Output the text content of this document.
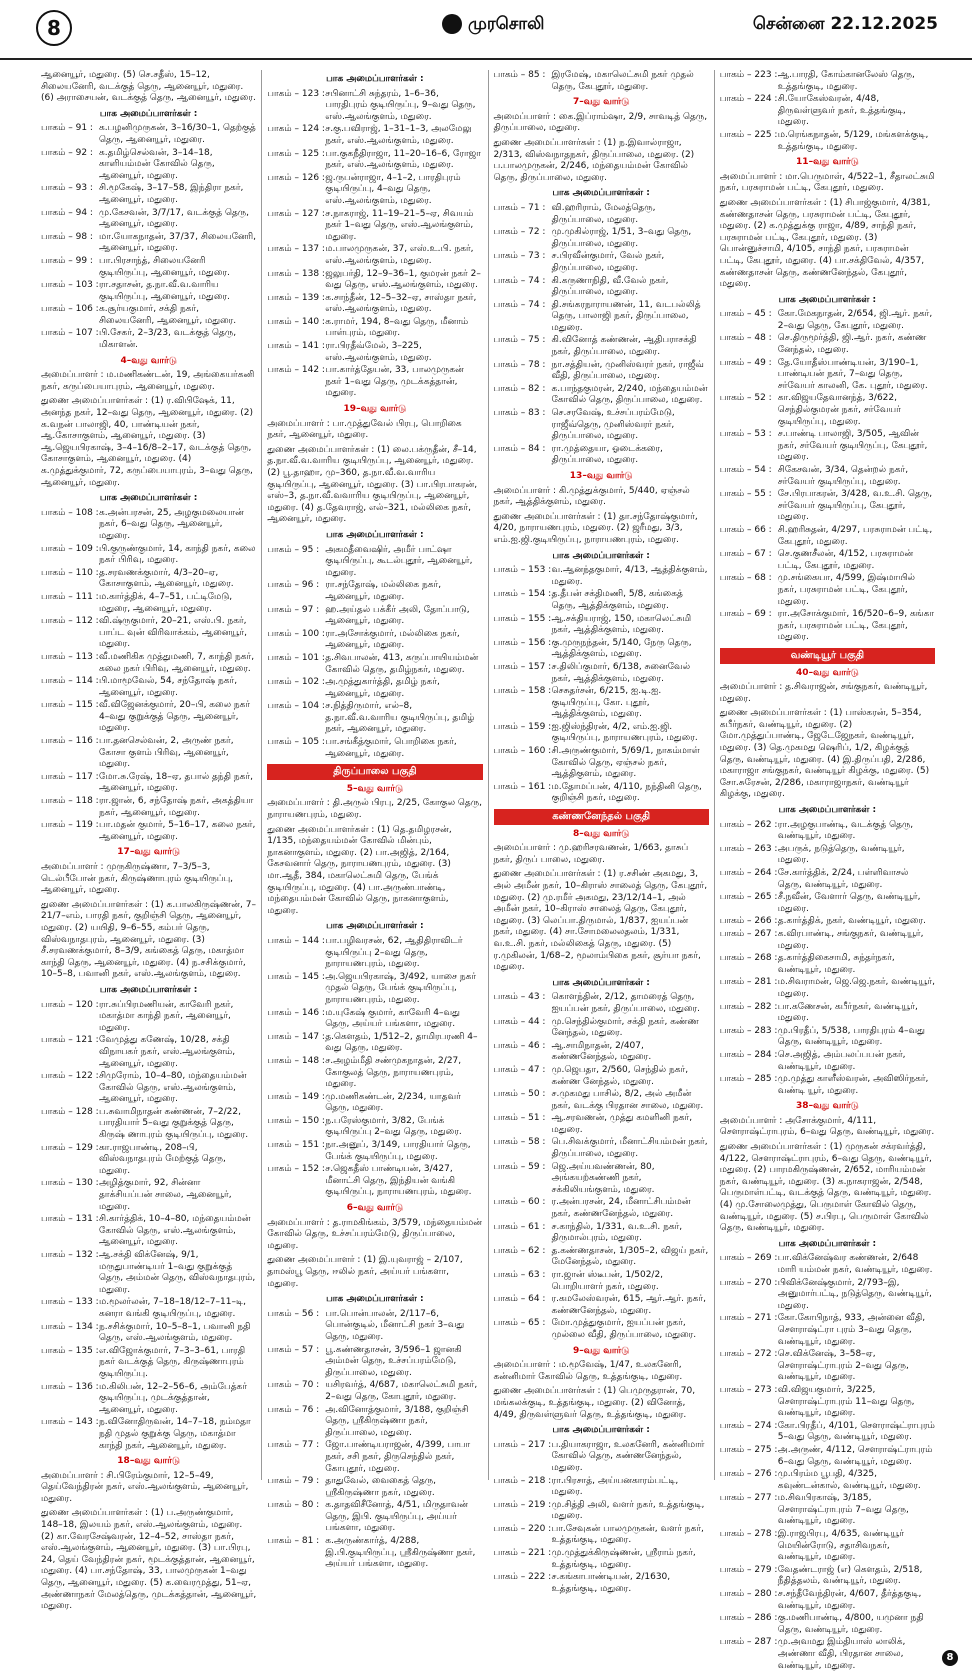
8	முரசொலி	சென்னை 22.12.2025
ஆனையூர், மதுரை. (5) செ.சதீஸ், 15–12, சிலையனேரி, வடக்குத் தெரு, ஆனையூர், மதுரை. (6) அராசையன், வடக்குத் தெரு, ஆனையூர், மதுரை.
பாக அமைப்பாளர்கள் :
பாகம் – 91 : க.பழனிமுருகன், 3–16/30–1, தெற்குத் தெரு, ஆனையூர், மதுரை.
பாகம் – 92 : க.தமிழ்செல்வன், 3–14–18, காளியம்மன் கோவில் தெரு, ஆனையூர், மதுரை.
பாகம் – 93 : சி.மூகேஷ், 3–17–58, இந்திரா நகர், ஆனையூர், மதுரை.
பாகம் – 94 : மு.கேசவன், 3/7/17, வடக்குத் தெரு, ஆனையூர், மதுரை.
பாகம் – 98 : மா.யோகநாதன், 37/37, சிலையனேரி, ஆனையூர், மதுரை.
பாகம் – 99 : பா.பிரசாந்த், சிலையனேரி குடியிருப்பு, ஆனையூர், மதுரை.
பாகம் – 103 : ரா.சதாசன், த.நா.வீ.வ.வாரிய குடியிருப்பு, ஆனையூர், மதுரை.
பாகம் – 106 : க.சூர்யகுமார், சக்தி நகர், சிலையனேரி, ஆனையூர், மதுரை.
பாகம் – 107 : பி.சேகர், 2–3/23, வடக்குத் தெரு, மிகாளன்.
4–வது வார்டு
அமைப்பாளர் : ம.மணிகண்டன், 19, அங்கையர்கனி நகர், கருப்பையாபுரம், ஆனையூர், மதுரை.
துணை அமைப்பாளர்கள் : (1) ர.விபிஷேக், 11, அனந்த நகர், 12–வது தெரு, ஆனையூர், மதுரை. (2) க.வநன் பாலாஜி, 40, பாண்டியன் நகர், ஆ.கோசாகுளம், ஆனையூர், மதுரை. (3) ஆ.ஜெயபிரகாஷ், 3–4–16/8–2–17, வடக்குத் தெரு, கோசாகுளம், ஆனையூர், மதுரை. (4) க.முத்துக்குமார், 72, கருப்பையாபுரம், 3–வது தெரு, ஆனையூர், மதுரை.
பாக அமைப்பாளர்கள் :
பாகம் – 108 : க.அன்பரசன், 25, அழகுமலையான் நகர், 6–வது தெரு, ஆனையூர், மதுரை.
பாகம் – 109 : பி.குருண்குமார், 14, காந்தி நகர், கலை நகர் பிரிவு, மதுரை.
பாகம் – 110 : த.சரவணக்குமார், 4/3–20–ஏ, கோசாகுளம், ஆனையூர், மதுரை.
பாகம் – 111 : ம.கார்த்திக், 4–7–51, பட்டிமேடு, மதுரை, ஆனையூர், மதுரை.
பாகம் – 112 : வி.ஷ்ருகுமார், 20–21, எஸ்.பி. நகர், பாப்ட வுன் விரிவாக்கம், ஆனையூர், மதுரை.
பாகம் – 113 : வீ.மணிகிக முத்துமணி, 7, காந்தி நகர், கலை நகர் பிரிவு, ஆனையூர், மதுரை.
பாகம் – 114 : பி.மாமூவேல், 54, சந்தோஷ் நகர், ஆனையூர், மதுரை.
பாகம் – 115 : வீ.விஜேனக்குமார், 20–பி, கலை நகர் 4–வது குறுக்குத் தெரு, ஆனையூர், மதுரை.
பாகம் – 116 : பா.தனசெல்வன், 2, அருண் நகர், கோசா குளம் பிரிவு, ஆனையூர், மதுரை.
பாகம் – 117 : மோ.சு.ரேஷ், 18–ஏ, தபால் தந்தி நகர், ஆனையூர், மதுரை.
பாகம் – 118 : ரா.ஜான், 6, சந்தோஷ் நகர், அகத்தியா நகர், ஆனையூர், மதுரை.
பாகம் – 119 : பா.மதன் குமார், 5–16–17, கலை நகர், ஆனையூர், மதுரை.
17–வது வார்டு
அமைப்பாளர் : முருகிருஷ்ணா, 7–3/5–3, டெல்பீபோன் நகர், கிருஷ்ணாபுரம் குடியிருப்பு, ஆனையூர், மதுரை.
துணை அமைப்பாளர்கள் : (1) க.பாலகிருஷ்ணன், 7–21/7–எம், பாரதி நகர், குறிஞ்சி தெரு, ஆனையூர், மதுரை. (2) யயிதி, 9–6–55, கம்பர் தெரு, விஸ்வநாதபுரம், ஆனையூர், மதுரை. (3) சீ.சரவணக்குமார், 8–3/9, கங்கைத் தெரு, மகாத்மா காந்தி தெரு, ஆனையூர், மதுரை. (4) ந.சசிக்குமார், 10–5–8, பவானி நகர், எஸ்.ஆலங்குளம், மதுரை.
பாக அமைப்பாளர்கள் :
பாகம் – 120 : ரா.சுப்பிரமணியன், காவேரி நகர், மகாத்மா காந்தி நகர், ஆனையூர், மதுரை.
பாகம் – 121 : வேமுத்து கணேஷ், 10/28, சக்தி விநாயகர் நகர், எஸ்.ஆலங்குளம், ஆனையூர், மதுரை.
பாகம் – 122 : சிமுரோம், 10–4–80, மந்தையம்மன் கோவில் தெரு, எஸ்.ஆலங்குளம், ஆனையூர், மதுரை.
பாகம் – 128 : ப.சுவாமிநாதன் கண்ணன், 7–2/22, பாரதியார் 5–வது குறுக்குத் தெரு, கிருஷ் ணாபுரம் குடியிருப்பு, மதுரை.
பாகம் – 129 : கா.ராஜபாண்டி, 208–பி, விஸ்வநாதபுரம் மேற்குத் தெரு, மதுரை.
பாகம் – 130 : அழித்குமார், 92, சின்னா தாக்சியப்பன் சாலை, ஆனையூர், மதுரை.
பாகம் – 131 : சி.கார்த்திக், 10–4–80, மந்தையம்மன் கோவில் தெரு, எஸ்.ஆலங்குளம், ஆனையூர், மதுரை.
பாகம் – 132 : ஆ.சக்தி விக்னேஷ், 9/1, மருதுபாண்டியர் 1–வது குறுக்குத் தெரு, அம்மன் தெரு, விஸ்வநாதபுரம், மதுரை.
பாகம் – 133 : ம.மூலர்லன், 7–18–18/12–7–11–டி, கனரா வங்கி குடியிருப்பு, மதுரை.
பாகம் – 134 : ந.சசிக்குமார், 10–5–8–1, பவானி நதி தெரு, எஸ்.ஆலங்குளம், மதுரை.
பாகம் – 135 : எ.விஜோக்குமார், 7–3–3–61, பாரதி நகர் வடக்குத் தெரு, கிருஷ்ணாபுரம் குடியிருப்பு.
பாகம் – 136 : ம.கிலிபன், 12–2–56–6, அம்பேத்கர் குடியிருப்பு, முடக்குத்தான், ஆனையூர், மதுரை.
பாகம் – 143 : ந.வினோதிருவன், 14–7–18, நம்மதா நதி முதல் குறுக்கு தெரு, மகாத்மா காந்தி நகர், ஆனையூர், மதுரை.
18–வது வார்டு
அமைப்பாளர் : சி.பிரேம்குமார், 12–5–49, தெய்வேந்திரன் நகர், எஸ்.ஆலங்குளம், ஆனையூர், மதுரை.
துணை அமைப்பாளர்கள் : (1) ப.அருண்குமார், 148–18, இலயம் நகர், எஸ்.ஆலங்குளம், மதுரை. (2) கா.வேரசேஷ்வரன், 12–4–52, சாஸ்தா நகர், எஸ்.ஆலங்குளம், ஆனையூர், மதுரை. (3) பா.பிரபு, 24, தெய் வேந்திரன் நகர், மூடக்குத்தான், ஆனையூர், மதுரை. (4) பா.சந்தோஷ், 33, பாலமுருகன் 1–வது தெரு, ஆனையூர், மதுரை. (5) க.வைரமுத்து, 51–ஏ, அண்ணாநகர் மேலத்தெரு, முடக்கத்தான், ஆனையூர், மதுரை.
பாக அமைப்பாளர்கள் :
பாகம் – 123 : சபினாட்சி சுந்தரம், 1–6–36, பாரதிபுரம் குடியிருப்பு, 9–வது தெரு, எஸ்.ஆலங்குளம், மதுரை.
பாகம் – 124 : ச.கு.பவிராஜ், 1–31–1–3, அலமேலு நகர், எஸ்.ஆலங்குளம், மதுரை.
பாகம் – 125 : பா.குகநீதிராஜா, 11–20–16–6, ரோஜா நகர், எஸ்.ஆலங்குளம், மதுரை.
பாகம் – 126 : ஜ.ருபன்ராஜா, 4–1–2, பாரதிபுரம் குடியிருப்பு, 4–வது தெரு, எஸ்.ஆலங்குளம், மதுரை.
பாகம் – 127 : ச.நாகராஜ், 11–19–21–5–ஏ, சிவயம் நகர் 1–வது தெரு, எஸ்.ஆலங்குளம், மதுரை.
பாகம் – 137 : ம.பாலமுருகன், 37, எஸ்.உ.பி. நகர், எஸ்.ஆலங்குளம், மதுரை.
பாகம் – 138 : ஜலுபர்தி, 12–9–36–1, குமரன் நகர் 2–வது தெரு, எஸ்.ஆலங்குளம், மதுரை.
பாகம் – 139 : க.சாந்தீன், 12–5–32–ஏ, சாஸ்தா நகர், எஸ்.ஆலங்குளம், மதுரை.
பாகம் – 140 : க.ராமர், 194, 8–வது தெரு, மீனாம் பாள்புரம், மதுரை.
பாகம் – 141 : ரா.பிரதீவ்மேல், 3–225, எஸ்.ஆலங்குளம், மதுரை.
பாகம் – 142 : பா.கார்த்தேயன், 33, பாலமுருகன் நகர் 1–வது தெரு, முடக்கத்தான், மதுரை.
19–வது வார்டு
அமைப்பாளர் : பா.முத்துவேல் பிரபு, பொறிகை நகர், ஆனையூர், மதுரை.
துணை அமைப்பாளர்கள் : (1) லை.பக்ருதீன், சீ–14, த.நா.வீ.வ.வாரிய குடியிருப்பு, ஆனையூர், மதுரை. (2) பூ.தாஹா, மு–360, த.நா.வீ.வ.வாரிய குடியிருப்பு, ஆனையூர், மதுரை. (3) பா.பிரபாகரன், எஸ்–3, த.நா.வீ.வவாரிய குடியிருப்பு, ஆனையூர், மதுரை. (4) த.தேவராஜ், எல்–321, மல்லிகை நகர், ஆனையூர், மதுரை.
பாக அமைப்பாளர்கள் :
பாகம் – 95 : அகமதீவைஷிர், அமீர் பாட்ஷா குடியிருப்பு, கூடல்புதூர், ஆனையூர், மதுரை.
பாகம் – 96 : ரா.சந்தோஷ், மல்லிகை நகர், ஆனையூர், மதுரை.
பாகம் – 97 : ஹ.அய்தல் பக்கீர் அலி, தோப்பாடு, ஆனையூர், மதுரை.
பாகம் – 100 : ரா.அசோக்குமார், மல்லிகை நகர், ஆனையூர், மதுரை.
பாகம் – 101 : த.சிவபாலன், 413, கருப்பாயியம்மன் கோவில் தெரு, தமிழ்நகர், மதுரை.
பாகம் – 102 : அ.முத்துகார்த்தி, தமிழ் நகர், ஆனையூர், மதுரை.
பாகம் – 104 : ச.நித்திருமார், எல்–8, த.நா.வீ.வ.வாரிய குடியிருப்பு, தமிழ் நகர், ஆனையூர், மதுரை.
பாகம் – 105 : பா.சங்கீத்குமார், பொறிகை நகர், ஆனையூர், மதுரை.
திருப்பாலை பகுதி
5–வது வார்டு
அமைப்பாளர் : தி.அருல் பிரபு, 2/25, கோகுல தெரு, நாராயணபுரம், மதுரை.
துணை அமைப்பாளர்கள் : (1) தெ.தமிழரசன், 1/135, மந்தையம்மன் கோவில் மின்பும், நாகனாகுளம், மதுரை. (2) பா.அஜித், 2/164, கேசவனார் தெரு, நாராயணபுரம், மதுரை. (3) மா.ஆதீ, 384, மகாலெட்சுமி தெரு, பேங்க் குடியிருப்பு, மதுரை. (4) பா.அருண்பாண்டி, மந்தையம்மன் கோவில் தெரு, நாகனாகுளம், மதுரை.
பாக அமைப்பாளர்கள் :
பாகம் – 144 : பா.பழிவரசன், 62, ஆதிதிராவிடர் குடியிருப்பு 2–வது தெரு, நாராயணபுரம், மதுரை.
பாகம் – 145 : அ.ஜெயபிரகாஷ், 3/492, யாசை நகர் முதல் தெரு, பேங்க் குடியிருப்பு, நாராயணபுரம், மதுரை.
பாகம் – 146 : ம.யுகேஷ் குமார், காவேரி 4–வது தெரு, அய்யர் பங்களா, மதுரை.
பாகம் – 147 : த.கெளதம், 1/512–2, தாமிரபரணி 4–வது தெரு, மதுரை.
பாகம் – 148 : ச.அழம்மீதி சண்முகநாதன், 2/27, கோகுலத் தெரு, நாராயணபுரம், மதுரை.
பாகம் – 149 : மு.மணிகண்டன், 2/234, யாதவர் தெரு, மதுரை.
பாகம் – 150 : ந.பரேஸ்குமார், 3/82, பேங்க் குடியிருப்பு 2–வது தெரு, மதுரை.
பாகம் – 151 : நா.அனுப், 3/149, பாரதியார் தெரு, பேங்க் குடியிருப்பு, மதுரை.
பாகம் – 152 : ச.ஜெகதீஸ் பாண்டியன், 3/427, மீனாட்சி தெரு, இந்தியன் வங்கி குடியிருப்பு, நாராயணபுரம், மதுரை.
6–வது வார்டு
அமைப்பாளர் : த.ராமகிங்கம், 3/579, மந்தையம்மன் கோவில் தெரு, உச்சப்பரம்மேடு, திருப்பாலை, மதுரை.
துணை அமைப்பாளர் : (1) இ.யுவராஜ் – 2/107, தாமஸ்பூ தெரு, ஈலில் நகர், அய்யர் பங்களா, மதுரை.
பாக அமைப்பாளர்கள் :
பாகம் – 56 : பா.பொன்பாலன், 2/117–6, பொன்குடில், மீனாட்சி நகர் 3–வது தெரு, மதுரை.
பாகம் – 57 : பூ.கண்ணதாசன், 3/596–1 ஜானகி அம்மன் தெரு, உச்சப்பரம்மேடு, திருப்பாலை, மதுரை.
பாகம் – 70 : யசிரவர்த், 4/687, மகாலெட்சுமி நகர், 2–வது தெரு, கோபுதூர், மதுரை.
பாகம் – 76 : அ.வினோத்குமார், 3/188, குறிஞ்சி தெரு, ஸ்ரீகிருஷ்ணா நகர், திருப்பாலை, மதுரை.
பாகம் – 77 : ஜோ.பாண்டியராஜன், 4/399, பாபா நகர், சசி நகர், திருசெந்தில் நகர், கோபுதூர், மதுரை.
பாகம் – 79 : தாதுவேல், வைகைத் தெரு, ஸ்ரீகிருஷ்ணா நகர், மதுரை.
பாகம் – 80 : க.தாதவிசீனோத், 4/51, மிருதாவன் தெரு, இபி. குடியிருப்பு, அய்யர் பங்களா, மதுரை.
பாகம் – 81 : க.அருண்கார்த், 4/288, இ.பி.குடியிருப்பு, ஸ்ரீகிருஷ்ணா நகர், அய்யர் பங்களா, மதுரை.
பாகம் – 85 : இரமேஷ், மகாலெட்சுமி நகர் முதல் தெரு, கேபுதூர், மதுரை.
7–வது வார்டு
அமைப்பாளர் : கை.இப்ராம்ஷா, 2/9, சாவடித் தெரு, திருப்பாலை, மதுரை.
துணை அமைப்பாளர்கள் : (1) ந.இவால்ராஜா, 2/313, விஸ்வநாதநகர், திருப்பாலை, மதுரை. (2) ப.பாலமுருகன், 2/246, மந்தையம்மன் கோவில் தெரு, திருப்பாலை, மதுரை.
பாக அமைப்பாளர்கள் :
பாகம் – 71 : வி.ஹரிராம், மேலத்தெரு, திருப்பாலை, மதுரை.
பாகம் – 72 : மு.முகில்ராஜ், 1/51, 3–வது தெரு, திருப்பாலை, மதுரை.
பாகம் – 73 : ச.பிரவீன்குமார், வேல் நகர், திருப்பாலை, மதுரை.
பாகம் – 74 : கி.கருணாநிதி, வீ.வேல் நகர், திருப்பாலை, மதுரை.
பாகம் – 74 : தி.சங்கரநாராயணன், 11, வடபல்லித் தெரு, பாலாஜி நகர், திருப்பாலை, மதுரை.
பாகம் – 75 : கி.வினோத் கண்ணன், ஆதிபராசக்தி நகர், திருப்பாலை, மதுரை.
பாகம் – 78 : நா.சத்தியன், முனிஸ்வரர் நகர், ராஜீவ் வீதி, திருப்பாலை, மதுரை.
பாகம் – 82 : க.பாந்தகுமரன், 2/240, மந்தையம்மன் கோவில் தெரு, திருப்பாலை, மதுரை.
பாகம் – 83 : செ.சரவேஷ், உச்சப்பரம்மேடு, ராஜீவ்தெரு, முனிஸ்வரர் நகர், திருப்பாலை, மதுரை.
பாகம் – 84 : ரா.முத்தையா, ஓடைக்கரை, திருப்பாலை, மதுரை.
13–வது வார்டு
அமைப்பாளர் : கி.முத்துக்குமார், 5/440, ஏஞ்சல் நகர், ஆத்திக்குளம், மதுரை.
துணை அமைப்பாளர்கள் : (1) தா.சந்தோஷ்குமார், 4/20, நாராயணபுரம், மதுரை. (2) ஜரீமது, 3/3, எம்.ஐ.ஜி.குடியிருப்பு, நாராயணபுரம், மதுரை.
பாக அமைப்பாளர்கள் :
பாகம் – 153 : வ.ஆனந்தகுமார், 4/13, ஆத்திக்குளம், மதுரை.
பாகம் – 154 : த.தீபன் சக்திமணி, 5/8, கங்கைத் தெரு, ஆத்திக்குளம், மதுரை.
பாகம் – 155 : ஆ.சக்தியராஜ், 150, மகாலெட்சுமி நகர், ஆத்திக்குளம், மதுரை.
பாகம் – 156 : கு.முருநந்தன், 5/140, நேரு தெரு, ஆத்திக்குளம், மதுரை.
பாகம் – 157 : ச.திலிப்குமார், 6/138, சுனைவேல் நகர், ஆத்திக்குளம், மதுரை.
பாகம் – 158 : செசுதர்சன், 6/215, ஐ.டி.ஐ. குடியிருப்பு, கோ. புதூர், ஆத்திக்குளம், மதுரை.
பாகம் – 159 : ஐ.ஜிஸ்ந்திரன், 4/2, எம்.ஐ.ஜி. குடியிருப்பு, நாராயணபுரம், மதுரை.
பாகம் – 160 : சி.அருண்குமார், 5/69/1, நாகம்மாள் கோவில் தெரு, ஏஞ்சல் நகர், ஆத்திகுளம், மதுரை.
பாகம் – 161 : ம.தோமப்பன், 4/110, நந்தினி தெரு, குறிஞ்சி நகர், மதுரை.
கண்ணனேந்தல் பகுதி
8–வது வார்டு
அமைப்பாளர் : மு.ஹரிசரவணன், 1/663, தாசுப் நகர், திருப் பாலை, மதுரை.
துணை அமைப்பாளர்கள் : (1) ர.சசிண் அகமது, 3, அல் அமீன் நகர், 10–கிராஸ் சாலைத் தெரு, கேபுதூர், மதுரை. (2) மு.ரமீர் அகமது, 23/12/14–1, அல் அமீன் நகர், 10–கிராஸ் சாலைத் தெரு, கேபுதூர், மதுரை. (3) லெப்பா.திருமால், 1/837, ஐயப்பன் நகர், மதுரை. (4) சா.சோமலைலதலம், 1/331, வ.உ.சி. நகர், மல்லிகைத் தெரு, மதுரை. (5) ர.முகிலன், 1/68–2, மூலாம்பிகை நகர், சூர்யா நகர், மதுரை.
பாக அமைப்பாளர்கள் :
பாகம் – 43 : கொளந்தின், 2/12, தாமரைத் தெரு, ஐயப்பன் நகர், திருப்பாலை, மதுரை.
பாகம் – 44 : மு.செந்தில்குமார், சக்தி நகர், கண்ண னேந்தல், மதுரை.
பாகம் – 46 : ஆ.சாமிநாதன், 2/407, கண்ணனேந்தல், மதுரை.
பாகம் – 47 : மு.ஜெபதா, 2/560, செந்தில் நகர், கண்ண னேந்தல், மதுரை.
பாகம் – 50 : ச.முகமது பாசில், 8/2, அல் அமீன் நகர், வடக்கு பிரதான சாலை, மதுரை.
பாகம் – 51 : ஆ.சரவணன், முத்து கமளினி நகர், மதுரை.
பாகம் – 58 : பெ.சிவக்குமார், மீனாட்சியம்மன் நகர், திருப்பாலை, மதுரை.
பாகம் – 59 : ஜெ.அய்யவண்ணன், 80, அங்கயற்கண்ணி நகர், சக்கிலியங்குளம், மதுரை.
பாகம் – 60 : ர.அன்பரசன், 24, மீனாட்சிபம்மன் நகர், கண்ணனேந்தல், மதுரை.
பாகம் – 61 : ச.காந்தில், 1/331, வ.உ.சி. நகர், திருமால்புரம், மதுரை.
பாகம் – 62 : த.கண்ணதாசன், 1/305–2, விஜய் நகர், மேனேந்தல், மதுரை.
பாகம் – 63 : ரா.ஜான் ஸ்டீபன், 1/502/2, பொறியாளர் நகர், மதுரை.
பாகம் – 64 : ர.கமலேஸ்வரன், 615, ஆர்.ஆர். நகர், கண்ணனேந்தல், மதுரை.
பாகம் – 65 : மோ.முத்துகுமார், ஐயப்பன் நகர், முல்லை வீதி, திருப்பாலை, மதுரை.
9–வது வார்டு
அமைப்பாளர் : ம.மூவேஷ், 1/47, உலகனேரி, கன்னிமார் கோவில் தெரு, உத்தங்குடி, மதுரை.
துணை அமைப்பாளர்கள் : (1) பெமுருதரான், 70, மங்கலக்குடி, உத்தங்குடி, மதுரை. (2) வினோத், 4/49, திருவள்ளுவர் தெரு, உத்தங்குடி, மதுரை.
பாக அமைப்பாளர்கள் :
பாகம் – 217 : ப.தியாகராஜா, உலகனேரி, கன்னிமார் கோவில் தெரு, கண்ணனேந்தல், மதுரை.
பாகம் – 218 : ரா.பிரசாத், அய்யனகாரம்பட்டி, மதுரை.
பாகம் – 219 : மு.சித்தி அலி, வளர் நகர், உத்தங்குடி, மதுரை.
பாகம் – 220 : பா.சேவுகன் பாலமுருகன், வளர் நகர், உத்தங்குடி, மதுரை.
பாகம் – 221 : மு.முத்துக்கிருஷ்ணன், ஸ்ரீராம் நகர், உத்தங்குடி, மதுரை.
பாகம் – 222 : ச.கங்காபாண்டியன், 2/1630, உத்தங்குடி, மதுரை.
பாகம் – 223 : ஆ.பாரதி, கோம்கானலேஸ் தெரு, உத்தங்குடி, மதுரை.
பாகம் – 224 : சி.யோகேஸ்வரன், 4/48, திருவள்ளுவர் நகர், உத்தங்குடி, மதுரை.
பாகம் – 225 : ம.ரெங்கநாதன், 5/129, மங்களக்குடி, உத்தங்குடி, மதுரை.
11–வது வார்டு
அமைப்பாளர் : மா.பெருமாள், 4/522–1, சீதாலட்சுமி நகர், பரசுராமன் பட்டி, கேபுதூர், மதுரை.
துணை அமைப்பாளர்கள் : (1) சிபாஜ்குமார், 4/381, கண்ணதாசன் தெரு, பரசுராமன் பட்டி, கேபுதூர், மதுரை. (2) க.முத்துக்கு ராஜா, 4/89, சாந்தி நகர், பரசுராமன் பட்டி, கேபுதூர், மதுரை. (3) பொன்னுச்சாமி, 4/105, சாந்தி நகர், பரசுராமன் பட்டி, கேபுதூர், மதுரை. (4) பா.சக்திவேல், 4/357, கண்ணதாசன் தெரு, கண்ணனேந்தல், கேபுதூர், மதுரை.
பாக அமைப்பாளர்கள் :
பாகம் – 45 : கோ.மேகநாதன், 2/654, ஜி.ஆர். நகர், 2–வது தெரு, கேபுதூர், மதுரை.
பாகம் – 48 : செ.திருமூர்த்தி, ஜி.ஆர். நகர், கண்ண னேந்தல், மதுரை.
பாகம் – 49 : தே.யோதீஸ்பாண்டியன், 3/190–1, பாண்டியன் நகர், 7–வது தெரு, சர்வேயர் காலனி, கே. புதூர், மதுரை.
பாகம் – 52 : கா.விஜயதேவானந்த், 3/622, செந்தில்குமரன் நகர், சர்வேயர் குடியிருப்பு, மதுரை.
பாகம் – 53 : ச.பாண்டி பாலாஜி, 3/505, ஆவின் நகர், சர்வேயர் குடியிருப்பு, கேபுதூர், மதுரை.
பாகம் – 54 : சிகேசவன், 3/34, தென்றல் நகர், சர்வேயர் குடியிருப்பு, மதுரை.
பாகம் – 55 : சே.பிரபாகரன், 3/428, வ.உ.சி. தெரு, சர்வேயர் குடியிருப்பு, கேபுதூர், மதுரை.
பாகம் – 66 : சி.ஹரிசுதன், 4/297, பரசுராமன் பட்டி, கேபுதூர், மதுரை.
பாகம் – 67 : செ.குணசீலன், 4/152, பரசுராமன் பட்டி, கேபுதூர், மதுரை.
பாகம் – 68 : மு.சங்கையா, 4/599, இஷ்மாயில் நகர், பரசுராமன் பட்டி, கேபுதூர், மதுரை.
பாகம் – 69 : ரா.அசோக்குமார், 16/520–6–9, கங்கா நகர், பரசுராமன் பட்டி, கேபுதூர், மதுரை.
வண்டியூர் பகுதி
40–வது வார்டு
அமைப்பாளர் : த.சிவராஜன், சங்குநகர், வண்டியூர், மதுரை.
துணை அமைப்பாளர்கள் : (1) பாஸ்கரன், 5–354, கபீர்நகர், வண்டியூர், மதுரை. (2) மோ.முத்துப்பாண்டி, ஜேடேஜேநகர், வண்டியூர், மதுரை. (3) தெ.முகமது ஷெரிப், 1/2, கிழக்குத் தெரு, வண்டியூர், மதுரை. (4) இ.திருப்பதி, 2/286, மகாராஜா சங்குநகர், வண்டியூர் கிழக்கு, மதுரை. (5) சோ.சுரேசன், 2/286, மகாராஜாநகர், வண்டியூர் கிழக்கு, மதுரை.
பாக அமைப்பாளர்கள் :
பாகம் – 262 : ரா.அழகுபாண்டி, வடக்குத் தெரு, வண்டியூர், மதுரை.
பாகம் – 263 : அபருக், நடுத்தெரு, வண்டியூர், மதுரை.
பாகம் – 264 : சே.கார்த்திக், 2/24, பள்ளிவாசல் தெரு, வண்டியூர், மதுரை.
பாகம் – 265 : சீ.நவீன், வேளார் தெரு, வண்டியூர், மதுரை.
பாகம் – 266 : த.கார்த்திக், நகர், வண்டியூர், மதுரை.
பாகம் – 267 : க.விரபாண்டி, சங்குநகர், வண்டியூர், மதுரை.
பாகம் – 268 : த.கார்த்திகைசாமி, சுந்தர்நகர், வண்டியூர், மதுரை.
பாகம் – 281 : ம.சிவராமன், ஜெ.ஜெ.நகர், வண்டியூர், மதுரை.
பாகம் – 282 : பா.கணேசன், கபீர்நகர், வண்டியூர், மதுரை.
பாகம் – 283 : மு.பிரதீப், 5/538, பாரதிபுரம் 4–வது தெரு, வண்டியூர், மதுரை.
பாகம் – 284 : செ.அஜித், அம்பலப்பபன் நகர், வண்டியூர், மதுரை.
பாகம் – 285 : மு.முத்து காளீஸ்வரன், அவிஸிர்நகர், வண்டி யூர், மதுரை.
38–வது வார்டு
அமைப்பாளர் : அசோக்குமார், 4/111, சௌராஷ்ட்ராபுரம், 6–வது தெரு, வண்டியூர், மதுரை.
துணை அமைப்பாளர்கள் : (1) முருகன் சக்ரவர்த்தி, 4/122, சௌராஷ்ட்ராபுரம், 6–வது தெரு, வண்டியூர், மதுரை. (2) பாரமகிருஷ்ணன், 2/652, மாரியம்மன் நகர், வண்டியூர், மதுரை. (3) க.நாகராஜன், 2/548, பெருமாள்பட்டி, வடக்குத் தெரு, வண்டியூர், மதுரை. (4) மு.சோலைமுத்து, பெருமாள் கோவில் தெரு, வண்டியூர், மதுரை. (5) ச.பிரபு, பெருமாள் கோவில் தெரு, வண்டியூர், மதுரை.
பாக அமைப்பாளர்கள் :
பாகம் – 269 : பா.விக்னேஷ்வர கண்ணன், 2/648 மாரி யம்மன் நகர், வண்டியூர், மதுரை.
பாகம் – 270 : பிவிக்னேஷ்குமார், 2/793–இ, அனுமார்பட்டி, நடுத்தெரு, வண்டியூர், மதுரை.
பாகம் – 271 : கோ.கோபிநாத், 933, அன்னை வீதி, சௌராஷ்ட்ரா புரம் 3–வது தெரு, வண்டியூர், மதுரை.
பாகம் – 272 : செ.விக்னேஷ், 3–58–ஏ, சௌராஷ்ட்ராபுரம் 2–வது தெரு, வண்டியூர், மதுரை.
பாகம் – 273 : வி.விஜயகுமார், 3/225, சௌராஷ்ட்ராபுரம் 11–வது தெரு, வண்டியூர், மதுரை.
பாகம் – 274 : கோ.பிரதீப், 4/101, சௌராஷ்ட்ராபுரம் 5–வது தெரு, வண்டியூர், மதுரை.
பாகம் – 275 : அ.அருண், 4/112, சௌராஷ்ட்ராபுரம் 6–வது தெரு, வண்டியூர், மதுரை.
பாகம் – 276 : மு.பிரம்ம பூபதி, 4/325, கவுண்டன்கால், வண்டியூர், மதுரை.
பாகம் – 277 : ம.சிவபிரகாஷ், 3/185, சௌராஷ்ட்ராபுரம் 7–வது தெரு, வண்டியூர், மதுரை.
பாகம் – 278 : இ.ராஜபிரபு, 4/635, வண்டியூர் மெயின்ரோடு, சதாசிவநகர், வண்டியூர், மதுரை.
பாகம் – 279 : வேதண்டராஜ் (எ) கெளதம், 2/518, நீதித்தலம், வண்டியூர், மதுரை.
பாகம் – 280 : ச.சந்தீவேந்திரன், 4/607, தீர்த்தகுடி, வண்டியூர், மதுரை.
பாகம் – 286 : கு.மணிபாண்டி, 4/800, யமுனா நதி தெரு, வண்டியூர், மதுரை.
பாகம் – 287 : மு.அவமது இம்தியாஸ் லாலிக், அண்ணா வீதி, பிரதான சாலை, வண்டியூர், மதுரை.
8
